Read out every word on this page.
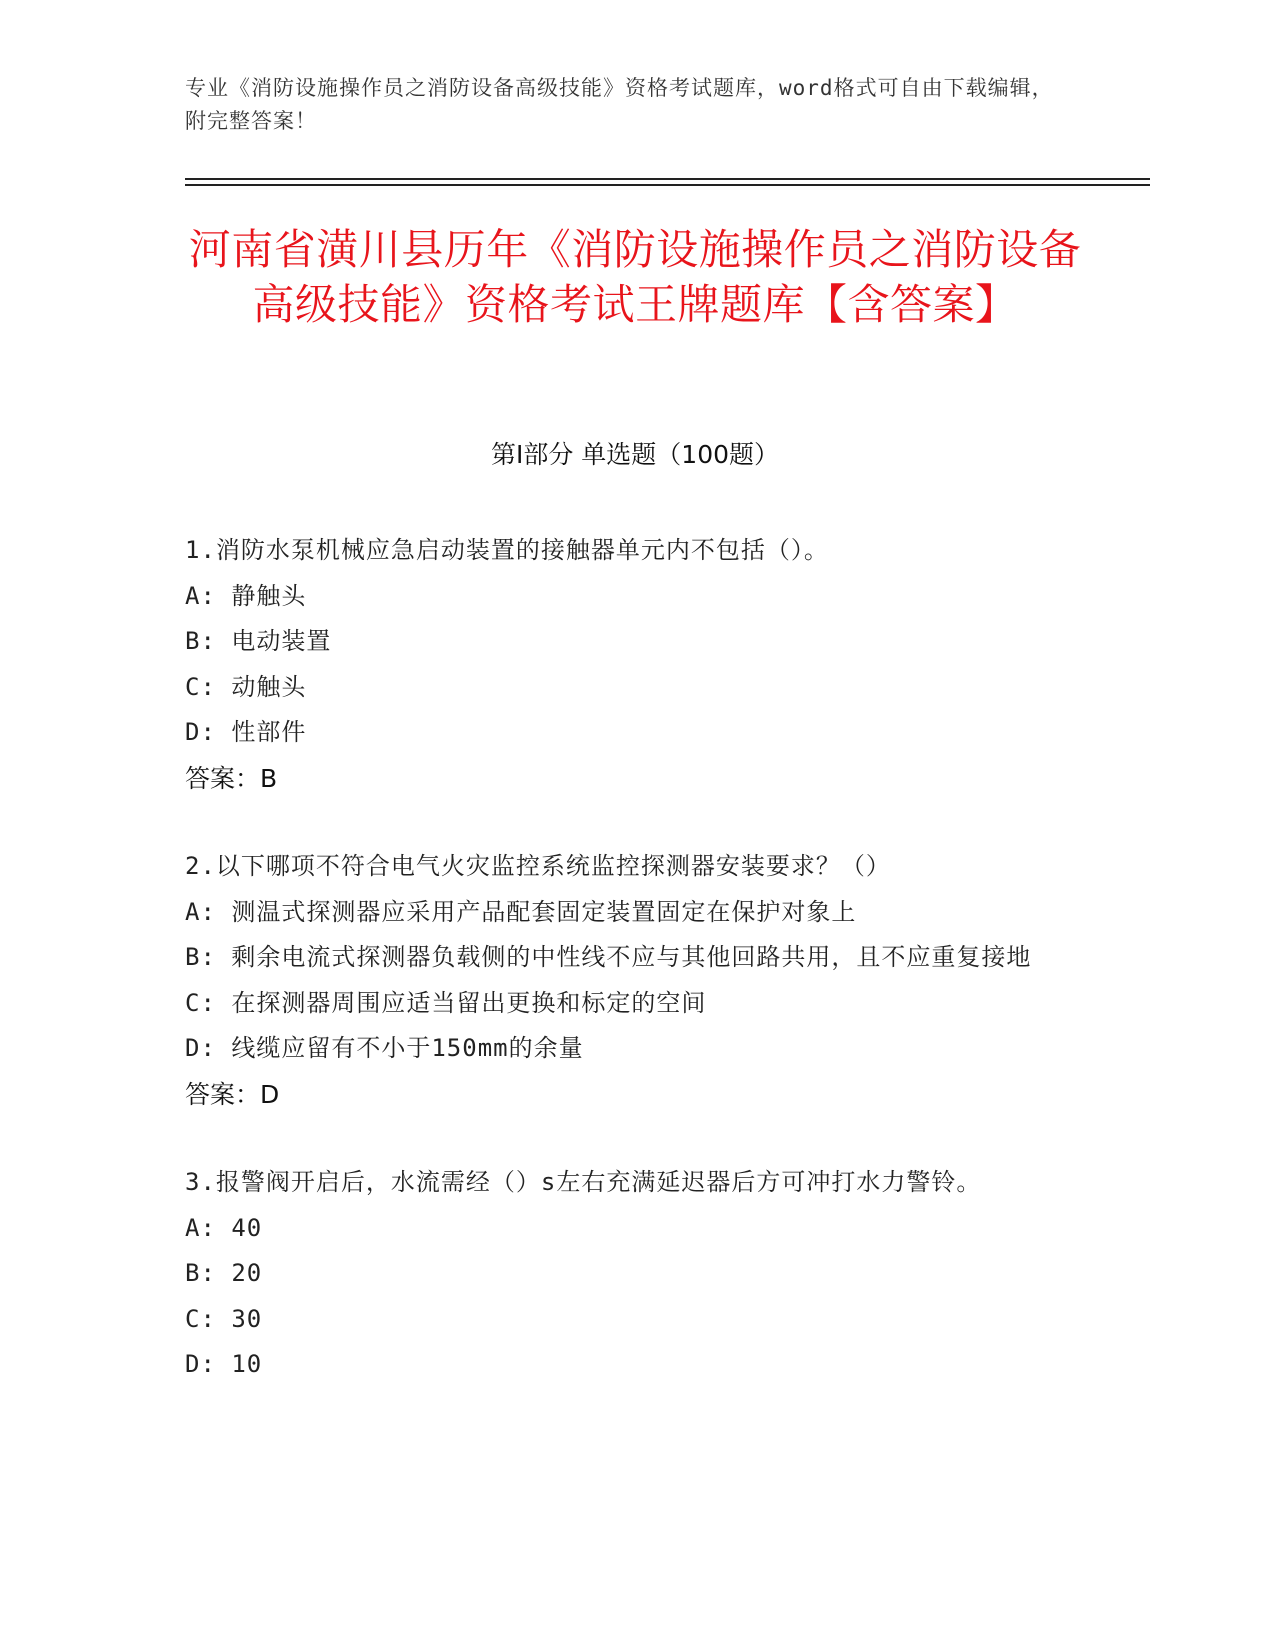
专业《消防设施操作员之消防设备高级技能》资格考试题库，word格式可自由下载编辑，附完整答案！
河南省潢川县历年《消防设施操作员之消防设备高级技能》资格考试王牌题库【含答案】
第I部分 单选题（100题）

1.消防水泵机械应急启动装置的接触器单元内不包括（）。

A: 静触头

B: 电动装置

C: 动触头

D: 性部件

答案：B

2.以下哪项不符合电气火灾监控系统监控探测器安装要求？（）

A: 测温式探测器应采用产品配套固定装置固定在保护对象上

B: 剩余电流式探测器负载侧的中性线不应与其他回路共用，且不应重复接地

C: 在探测器周围应适当留出更换和标定的空间

D: 线缆应留有不小于150mm的余量

答案：D

3.报警阀开启后，水流需经（）s左右充满延迟器后方可冲打水力警铃。

A: 40

B: 20

C: 30

D: 10
